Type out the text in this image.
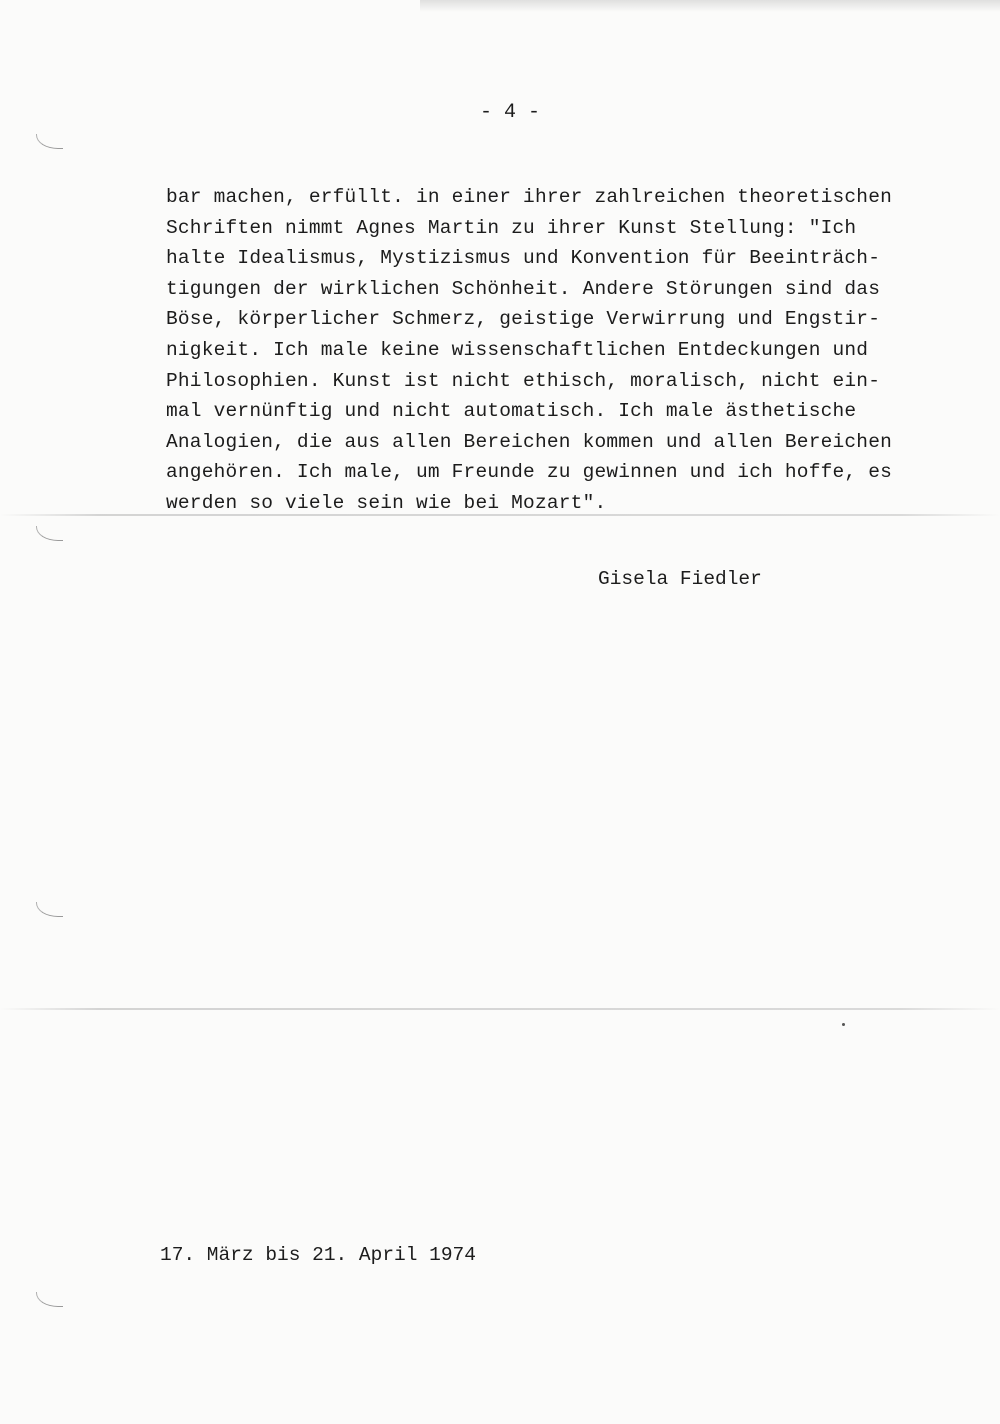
- 4 -
bar machen, erfüllt. in einer ihrer zahlreichen theoretischen
Schriften nimmt Agnes Martin zu ihrer Kunst Stellung: "Ich
halte Idealismus, Mystizismus und Konvention für Beeinträch-
tigungen der wirklichen Schönheit. Andere Störungen sind das
Böse, körperlicher Schmerz, geistige Verwirrung und Engstir-
nigkeit. Ich male keine wissenschaftlichen Entdeckungen und
Philosophien. Kunst ist nicht ethisch, moralisch, nicht ein-
mal vernünftig und nicht automatisch. Ich male ästhetische
Analogien, die aus allen Bereichen kommen und allen Bereichen
angehören. Ich male, um Freunde zu gewinnen und ich hoffe, es
werden so viele sein wie bei Mozart".
Gisela Fiedler
17. März bis 21. April 1974
